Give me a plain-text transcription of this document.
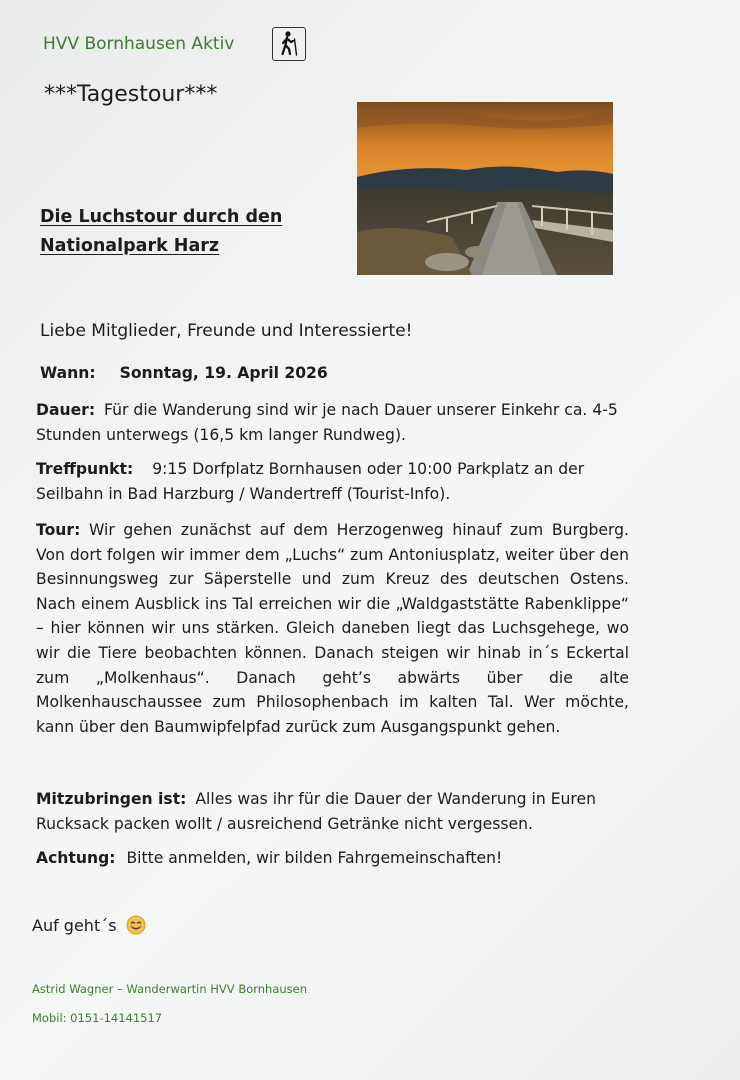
HVV Bornhausen Aktiv
***Tagestour***
Die Luchstour durch den
Nationalpark Harz
Liebe Mitglieder, Freunde und Interessierte!
Wann: Sonntag, 19. April 2026
Dauer: Für die Wanderung sind wir je nach Dauer unserer Einkehr ca. 4-5 Stunden unterwegs (16,5 km langer Rundweg).
Treffpunkt: 9:15 Dorfplatz Bornhausen oder 10:00 Parkplatz an der Seilbahn in Bad Harzburg / Wandertreff (Tourist-Info).
Tour: Wir gehen zunächst auf dem Herzogenweg hinauf zum Burgberg. Von dort folgen wir immer dem „Luchs“ zum Antoniusplatz, weiter über den Besinnungsweg zur Säperstelle und zum Kreuz des deutschen Ostens. Nach einem Ausblick ins Tal erreichen wir die „Waldgaststätte Rabenklippe“ – hier können wir uns stärken. Gleich daneben liegt das Luchsgehege, wo wir die Tiere beobachten können. Danach steigen wir hinab in´s Eckertal zum „Molkenhaus“. Danach geht’s abwärts über die alte Molkenhauschaussee zum Philosophenbach im kalten Tal. Wer möchte, kann über den Baumwipfelpfad zurück zum Ausgangspunkt gehen.
Mitzubringen ist: Alles was ihr für die Dauer der Wanderung in Euren Rucksack packen wollt / ausreichend Getränke nicht vergessen.
Achtung: Bitte anmelden, wir bilden Fahrgemeinschaften!
Auf geht´s
Astrid Wagner – Wanderwartin HVV Bornhausen
Mobil: 0151-14141517
